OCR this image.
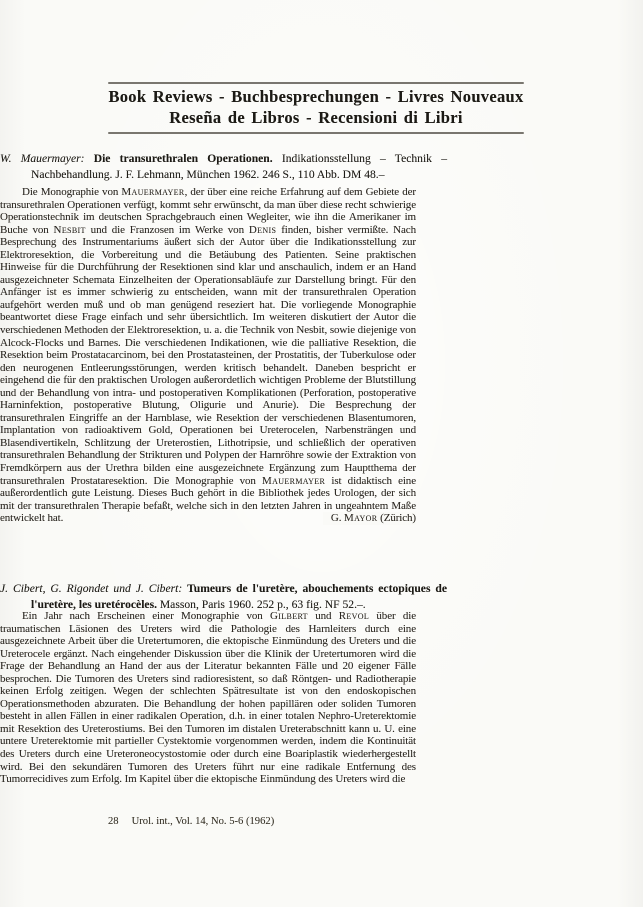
Book Reviews - Buchbesprechungen - Livres Nouveaux
Reseña de Libros - Recensioni di Libri

W. Mauermayer: Die transurethralen Operationen. Indikationsstellung – Technik – Nachbehandlung. J. F. Lehmann, München 1962. 246 S., 110 Abb. DM 48.–

G. Mayor (Zürich)
Die Monographie von Mauermayer, der über eine reiche Erfahrung auf dem Gebiete der transurethralen Operationen verfügt, kommt sehr erwünscht, da man über diese recht schwierige Operationstechnik im deutschen Sprachgebrauch einen Wegleiter, wie ihn die Amerikaner im Buche von Nesbit und die Franzosen im Werke von Denis finden, bisher vermißte. Nach Besprechung des Instrumentariums äußert sich der Autor über die Indikationsstellung zur Elektroresektion, die Vorbereitung und die Betäubung des Patienten. Seine praktischen Hinweise für die Durchführung der Resektionen sind klar und anschaulich, indem er an Hand ausgezeichneter Schemata Einzelheiten der Operationsabläufe zur Darstellung bringt. Für den Anfänger ist es immer schwierig zu entscheiden, wann mit der transurethralen Operation aufgehört werden muß und ob man genügend reseziert hat. Die vorliegende Monographie beantwortet diese Frage einfach und sehr übersichtlich. Im weiteren diskutiert der Autor die verschiedenen Methoden der Elektroresektion, u. a. die Technik von Nesbit, sowie diejenige von Alcock-Flocks und Barnes. Die verschiedenen Indikationen, wie die palliative Resektion, die Resektion beim Prostatacarcinom, bei den Prostatasteinen, der Prostatitis, der Tuberkulose oder den neurogenen Entleerungsstörungen, werden kritisch behandelt. Daneben bespricht er eingehend die für den praktischen Urologen außerordetlich wichtigen Probleme der Blutstillung und der Behandlung von intra- und postoperativen Komplikationen (Perforation, postoperative Harninfektion, postoperative Blutung, Oligurie und Anurie). Die Besprechung der transurethralen Eingriffe an der Harnblase, wie Resektion der verschiedenen Blasentumoren, Implantation von radioaktivem Gold, Operationen bei Ureterocelen, Narbensträngen und Blasendivertikeln, Schlitzung der Ureterostien, Lithotripsie, und schließlich der operativen transurethralen Behandlung der Strikturen und Polypen der Harnröhre sowie der Extraktion von Fremdkörpern aus der Urethra bilden eine ausgezeichnete Ergänzung zum Hauptthema der transurethralen Prostataresektion. Die Monographie von Mauermayer ist didaktisch eine außerordentlich gute Leistung. Dieses Buch gehört in die Bibliothek jedes Urologen, der sich mit der transurethralen Therapie befaßt, welche sich in den letzten Jahren in ungeahntem Maße entwickelt hat.

J. Cibert, G. Rigondet und J. Cibert: Tumeurs de l'uretère, abouchements ectopiques de l'uretère, les uretérocèles. Masson, Paris 1960. 252 p., 63 fig. NF 52.–.

Ein Jahr nach Erscheinen einer Monographie von Gilbert und Revol über die traumatischen Läsionen des Ureters wird die Pathologie des Harnleiters durch eine ausgezeichnete Arbeit über die Uretertumoren, die ektopische Einmündung des Ureters und die Ureterocele ergänzt. Nach eingehender Diskussion über die Klinik der Uretertumoren wird die Frage der Behandlung an Hand der aus der Literatur bekannten Fälle und 20 eigener Fälle besprochen. Die Tumoren des Ureters sind radioresistent, so daß Röntgen- und Radiotherapie keinen Erfolg zeitigen. Wegen der schlechten Spätresultate ist von den endoskopischen Operationsmethoden abzuraten. Die Behandlung der hohen papillären oder soliden Tumoren besteht in allen Fällen in einer radikalen Operation, d.h. in einer totalen Nephro-Ureterektomie mit Resektion des Ureterostiums. Bei den Tumoren im distalen Ureterabschnitt kann u. U. eine untere Ureterektomie mit partieller Cystektomie vorgenommen werden, indem die Kontinuität des Ureters durch eine Ureteroneocystostomie oder durch eine Boariplastik wiederhergestellt wird. Bei den sekundären Tumoren des Ureters führt nur eine radikale Entfernung des Tumorrecidives zum Erfolg. Im Kapitel über die ektopische Einmündung des Ureters wird die

28 Urol. int., Vol. 14, No. 5-6 (1962)
